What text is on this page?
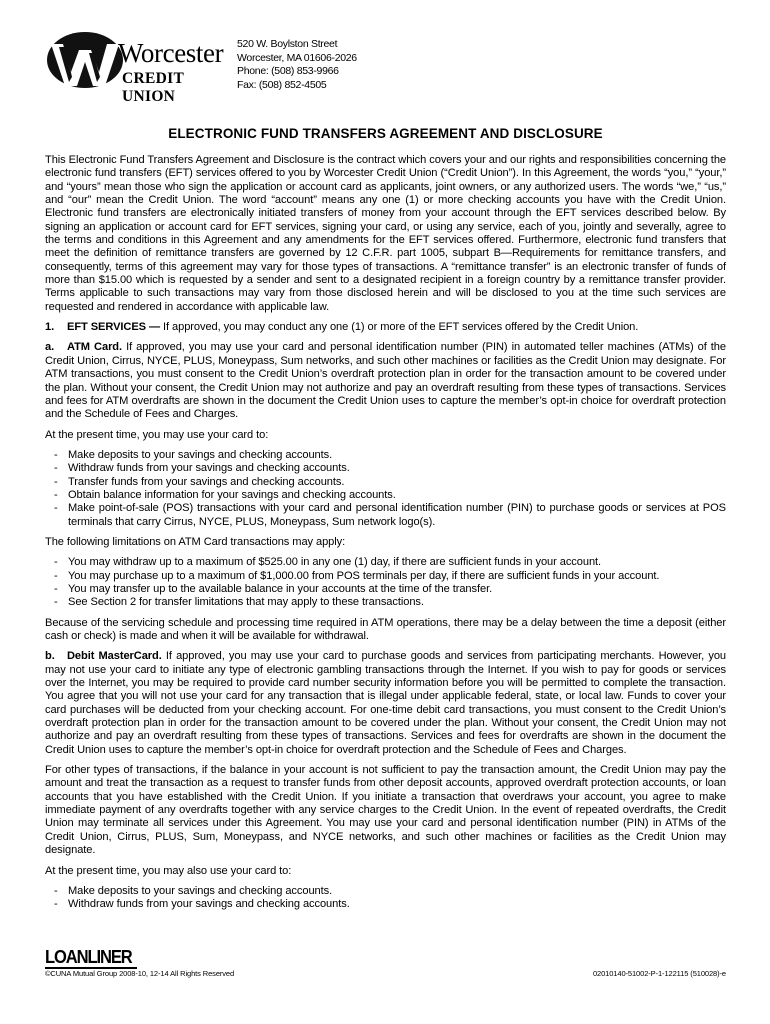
Worcester
CREDIT UNION
520 W. Boylston Street
Worcester, MA 01606-2026
Phone: (508) 853-9966
Fax: (508) 852-4505
ELECTRONIC FUND TRANSFERS AGREEMENT AND DISCLOSURE

This Electronic Fund Transfers Agreement and Disclosure is the contract which covers your and our rights and responsibilities concerning the electronic fund transfers (EFT) services offered to you by Worcester Credit Union (“Credit Union”). In this Agreement, the words “you,” “your,” and “yours” mean those who sign the application or account card as applicants, joint owners, or any authorized users. The words “we,” “us,” and “our” mean the Credit Union. The word “account” means any one (1) or more checking accounts you have with the Credit Union. Electronic fund transfers are electronically initiated transfers of money from your account through the EFT services described below. By signing an application or account card for EFT services, signing your card, or using any service, each of you, jointly and severally, agree to the terms and conditions in this Agreement and any amendments for the EFT services offered. Furthermore, electronic fund transfers that meet the definition of remittance transfers are governed by 12 C.F.R. part 1005, subpart B—Requirements for remittance transfers, and consequently, terms of this agreement may vary for those types of transactions. A “remittance transfer” is an electronic transfer of funds of more than $15.00 which is requested by a sender and sent to a designated recipient in a foreign country by a remittance transfer provider. Terms applicable to such transactions may vary from those disclosed herein and will be disclosed to you at the time such services are requested and rendered in accordance with applicable law.

1. EFT SERVICES — If approved, you may conduct any one (1) or more of the EFT services offered by the Credit Union.

a. ATM Card. If approved, you may use your card and personal identification number (PIN) in automated teller machines (ATMs) of the Credit Union, Cirrus, NYCE, PLUS, Moneypass, Sum networks, and such other machines or facilities as the Credit Union may designate. For ATM transactions, you must consent to the Credit Union’s overdraft protection plan in order for the transaction amount to be covered under the plan. Without your consent, the Credit Union may not authorize and pay an overdraft resulting from these types of transactions. Services and fees for ATM overdrafts are shown in the document the Credit Union uses to capture the member’s opt-in choice for overdraft protection and the Schedule of Fees and Charges.

At the present time, you may use your card to:

- Make deposits to your savings and checking accounts.
- Withdraw funds from your savings and checking accounts.
- Transfer funds from your savings and checking accounts.
- Obtain balance information for your savings and checking accounts.
- Make point-of-sale (POS) transactions with your card and personal identification number (PIN) to purchase goods or services at POS terminals that carry Cirrus, NYCE, PLUS, Moneypass, Sum network logo(s).

The following limitations on ATM Card transactions may apply:

- You may withdraw up to a maximum of $525.00 in any one (1) day, if there are sufficient funds in your account.
- You may purchase up to a maximum of $1,000.00 from POS terminals per day, if there are sufficient funds in your account.
- You may transfer up to the available balance in your accounts at the time of the transfer.
- See Section 2 for transfer limitations that may apply to these transactions.

Because of the servicing schedule and processing time required in ATM operations, there may be a delay between the time a deposit (either cash or check) is made and when it will be available for withdrawal.

b. Debit MasterCard. If approved, you may use your card to purchase goods and services from participating merchants. However, you may not use your card to initiate any type of electronic gambling transactions through the Internet. If you wish to pay for goods or services over the Internet, you may be required to provide card number security information before you will be permitted to complete the transaction. You agree that you will not use your card for any transaction that is illegal under applicable federal, state, or local law. Funds to cover your card purchases will be deducted from your checking account. For one-time debit card transactions, you must consent to the Credit Union’s overdraft protection plan in order for the transaction amount to be covered under the plan. Without your consent, the Credit Union may not authorize and pay an overdraft resulting from these types of transactions. Services and fees for overdrafts are shown in the document the Credit Union uses to capture the member’s opt-in choice for overdraft protection and the Schedule of Fees and Charges.

For other types of transactions, if the balance in your account is not sufficient to pay the transaction amount, the Credit Union may pay the amount and treat the transaction as a request to transfer funds from other deposit accounts, approved overdraft protection accounts, or loan accounts that you have established with the Credit Union. If you initiate a transaction that overdraws your account, you agree to make immediate payment of any overdrafts together with any service charges to the Credit Union. In the event of repeated overdrafts, the Credit Union may terminate all services under this Agreement. You may use your card and personal identification number (PIN) in ATMs of the Credit Union, Cirrus, PLUS, Sum, Moneypass, and NYCE networks, and such other machines or facilities as the Credit Union may designate.

At the present time, you may also use your card to:

- Make deposits to your savings and checking accounts.
- Withdraw funds from your savings and checking accounts.
LOANLINER
©CUNA Mutual Group 2008-10, 12-14 All Rights Reserved	02010140-51002-P-1-122115 (510028)-e
